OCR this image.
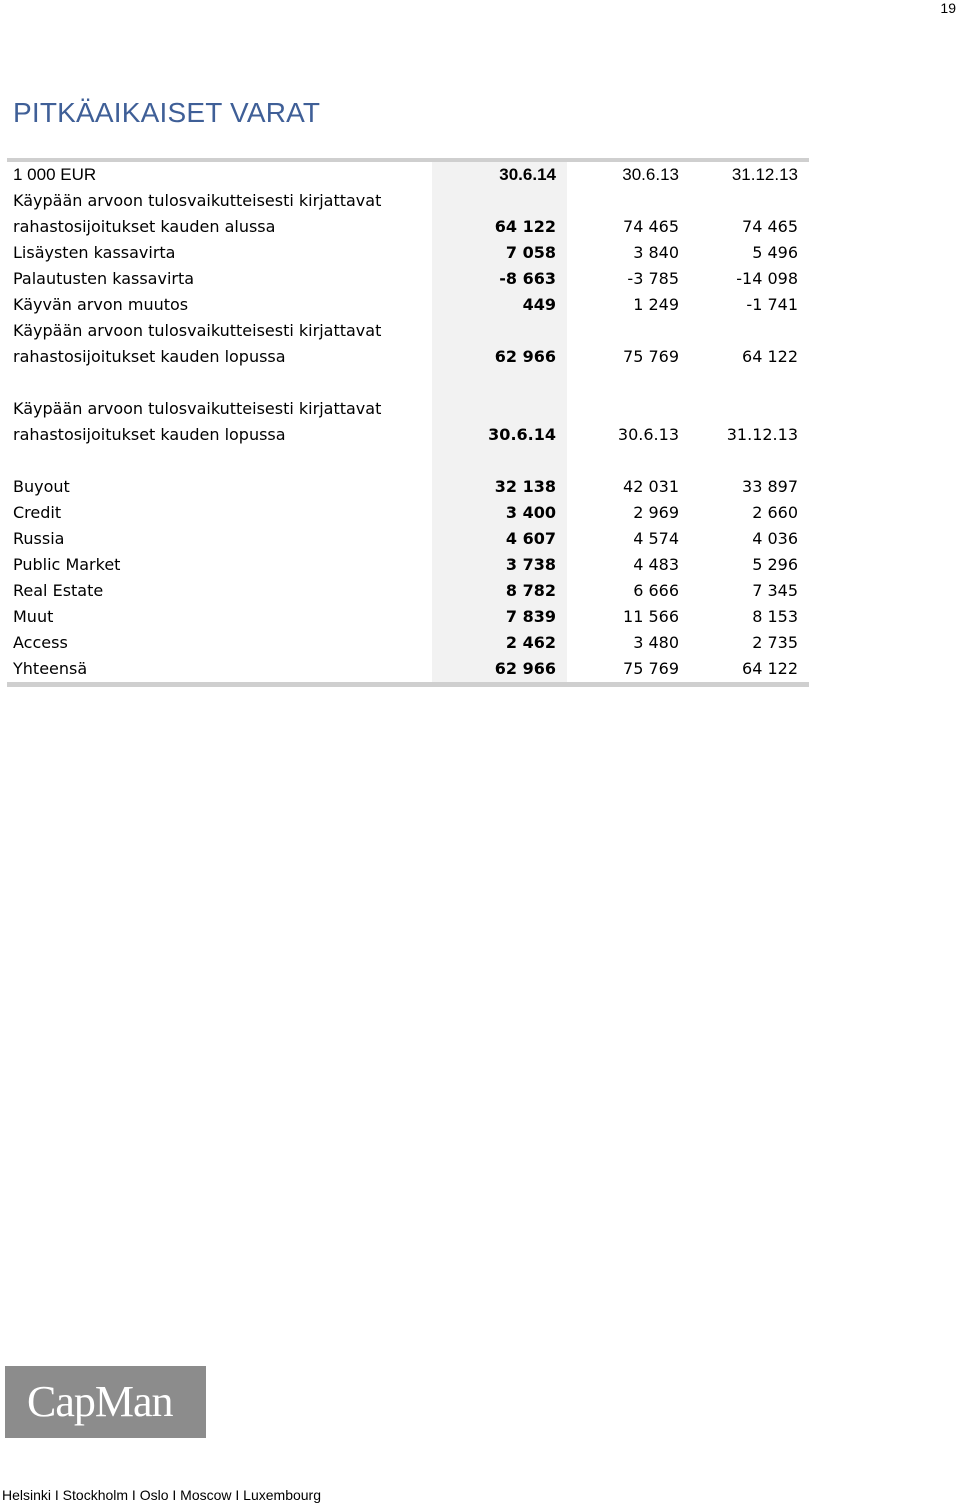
19
PITKÄAIKAISET VARAT
1 000 EUR	30.6.14	30.6.13	31.12.13
Käypään arvoon tulosvaikutteisesti kirjattavat
rahastosijoitukset kauden alussa	64 122	74 465	74 465
Lisäysten kassavirta	7 058	3 840	5 496
Palautusten kassavirta	-8 663	-3 785	-14 098
Käyvän arvon muutos	449	1 249	-1 741
Käypään arvoon tulosvaikutteisesti kirjattavat
rahastosijoitukset kauden lopussa	62 966	75 769	64 122
Käypään arvoon tulosvaikutteisesti kirjattavat
rahastosijoitukset kauden lopussa	30.6.14	30.6.13	31.12.13
Buyout	32 138	42 031	33 897
Credit	3 400	2 969	2 660
Russia	4 607	4 574	4 036
Public Market	3 738	4 483	5 296
Real Estate	8 782	6 666	7 345
Muut	7 839	11 566	8 153
Access	2 462	3 480	2 735
Yhteensä	62 966	75 769	64 122
CapMan
Helsinki I Stockholm I Oslo I Moscow I Luxembourg
